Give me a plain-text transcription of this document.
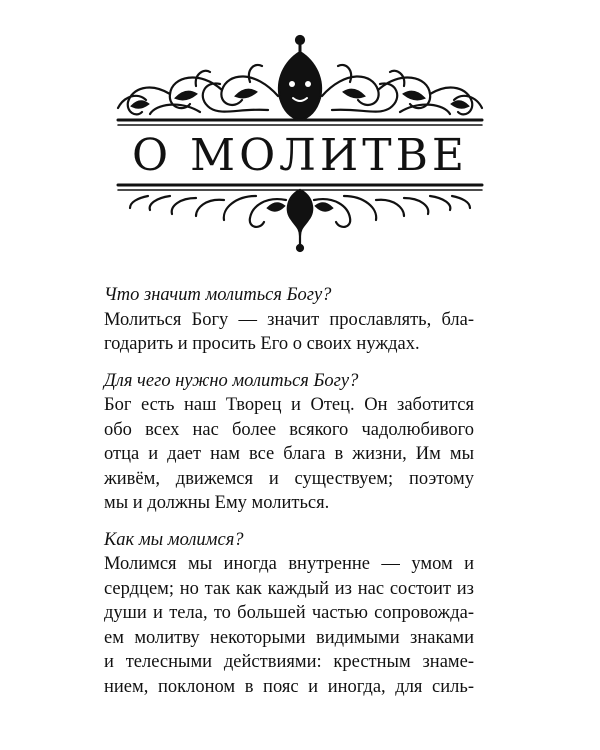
О МОЛИТВЕ

Что значит молиться Богу?

Молиться Богу — значит прославлять, бла-
годарить и просить Его о своих нуждах.

Для чего нужно молиться Богу?

Бог есть наш Творец и Отец. Он заботится
обо всех нас более всякого чадолюбивого
отца и дает нам все блага в жизни, Им мы
живём, движемся и существуем; поэтому
мы и должны Ему молиться.

Как мы молимся?

Молимся мы иногда внутренне — умом и
сердцем; но так как каждый из нас состоит из
души и тела, то большей частью сопровожда-
ем молитву некоторыми видимыми знаками
и телесными действиями: крестным знаме-
нием, поклоном в пояс и иногда, для силь-
